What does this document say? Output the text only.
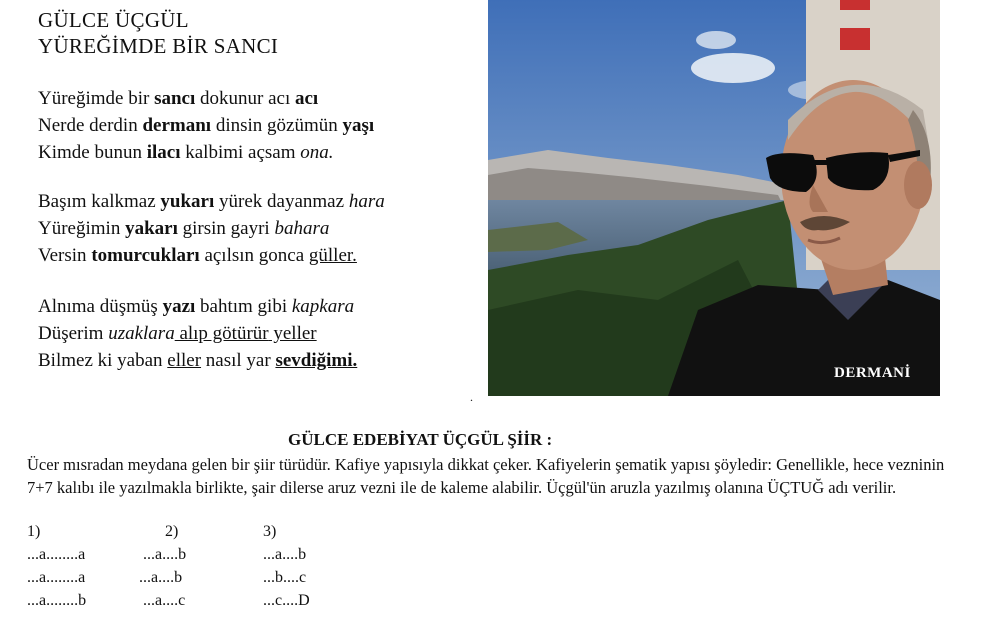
GÜLCE ÜÇGÜL
YÜREĞİMDE BİR SANCI
Yüreğimde bir sancı dokunur acı acı
Nerde derdin dermanı dinsin gözümün yaşı
Kimde bunun ilacı kalbimi açsam ona.
Başım kalkmaz yukarı yürek dayanmaz hara
Yüreğimin yakarı girsin gayri bahara
Versin tomurcukları açılsın gonca güller.
Alnıma düşmüş yazı bahtım gibi kapkara
Düşerim uzaklara alıp götürür yeller
Bilmez ki yaban eller nasıl yar sevdiğimi.
DERMANİ
.
GÜLCE EDEBİYAT ÜÇGÜL ŞİİR :
Ücer mısradan meydana gelen bir şiir türüdür. Kafiye yapısıyla dikkat çeker. Kafiyelerin şematik yapısı şöyledir: Genellikle, hece vezninin 7+7 kalıbı ile yazılmakla birlikte, şair dilerse aruz vezni ile de kaleme alabilir. Üçgül'ün aruzla yazılmış olanına ÜÇTUĞ adı verilir.
1)	2)	3)
...a........a
...a........a
...a........b
...a....b
...a....b
...a....c
...a....b
...b....c
...c....D
